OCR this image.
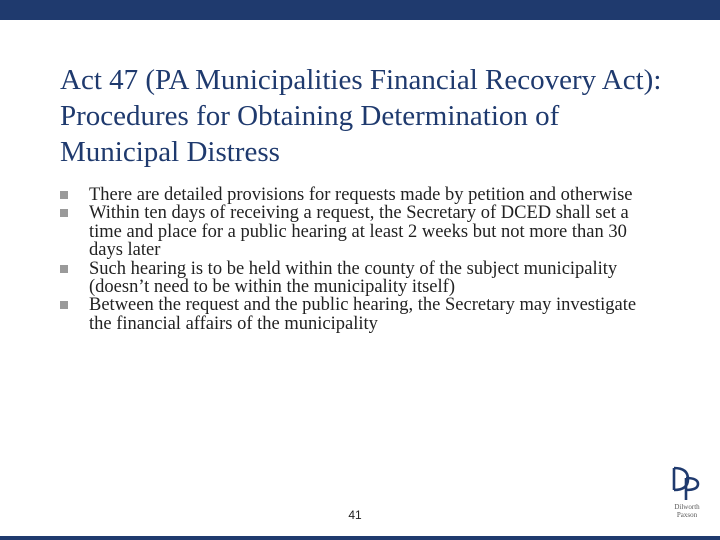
Act 47 (PA Municipalities Financial Recovery Act): Procedures for Obtaining Determination of Municipal Distress
There are detailed provisions for requests made by petition and otherwise
Within ten days of receiving a request, the Secretary of DCED shall set a time and place for a public hearing at least 2 weeks but not more than 30 days later
Such hearing is to be held within the county of the subject municipality (doesn’t need to be within the municipality itself)
Between the request and the public hearing, the Secretary may investigate the financial affairs of the municipality
41
Dilworth
Paxson
